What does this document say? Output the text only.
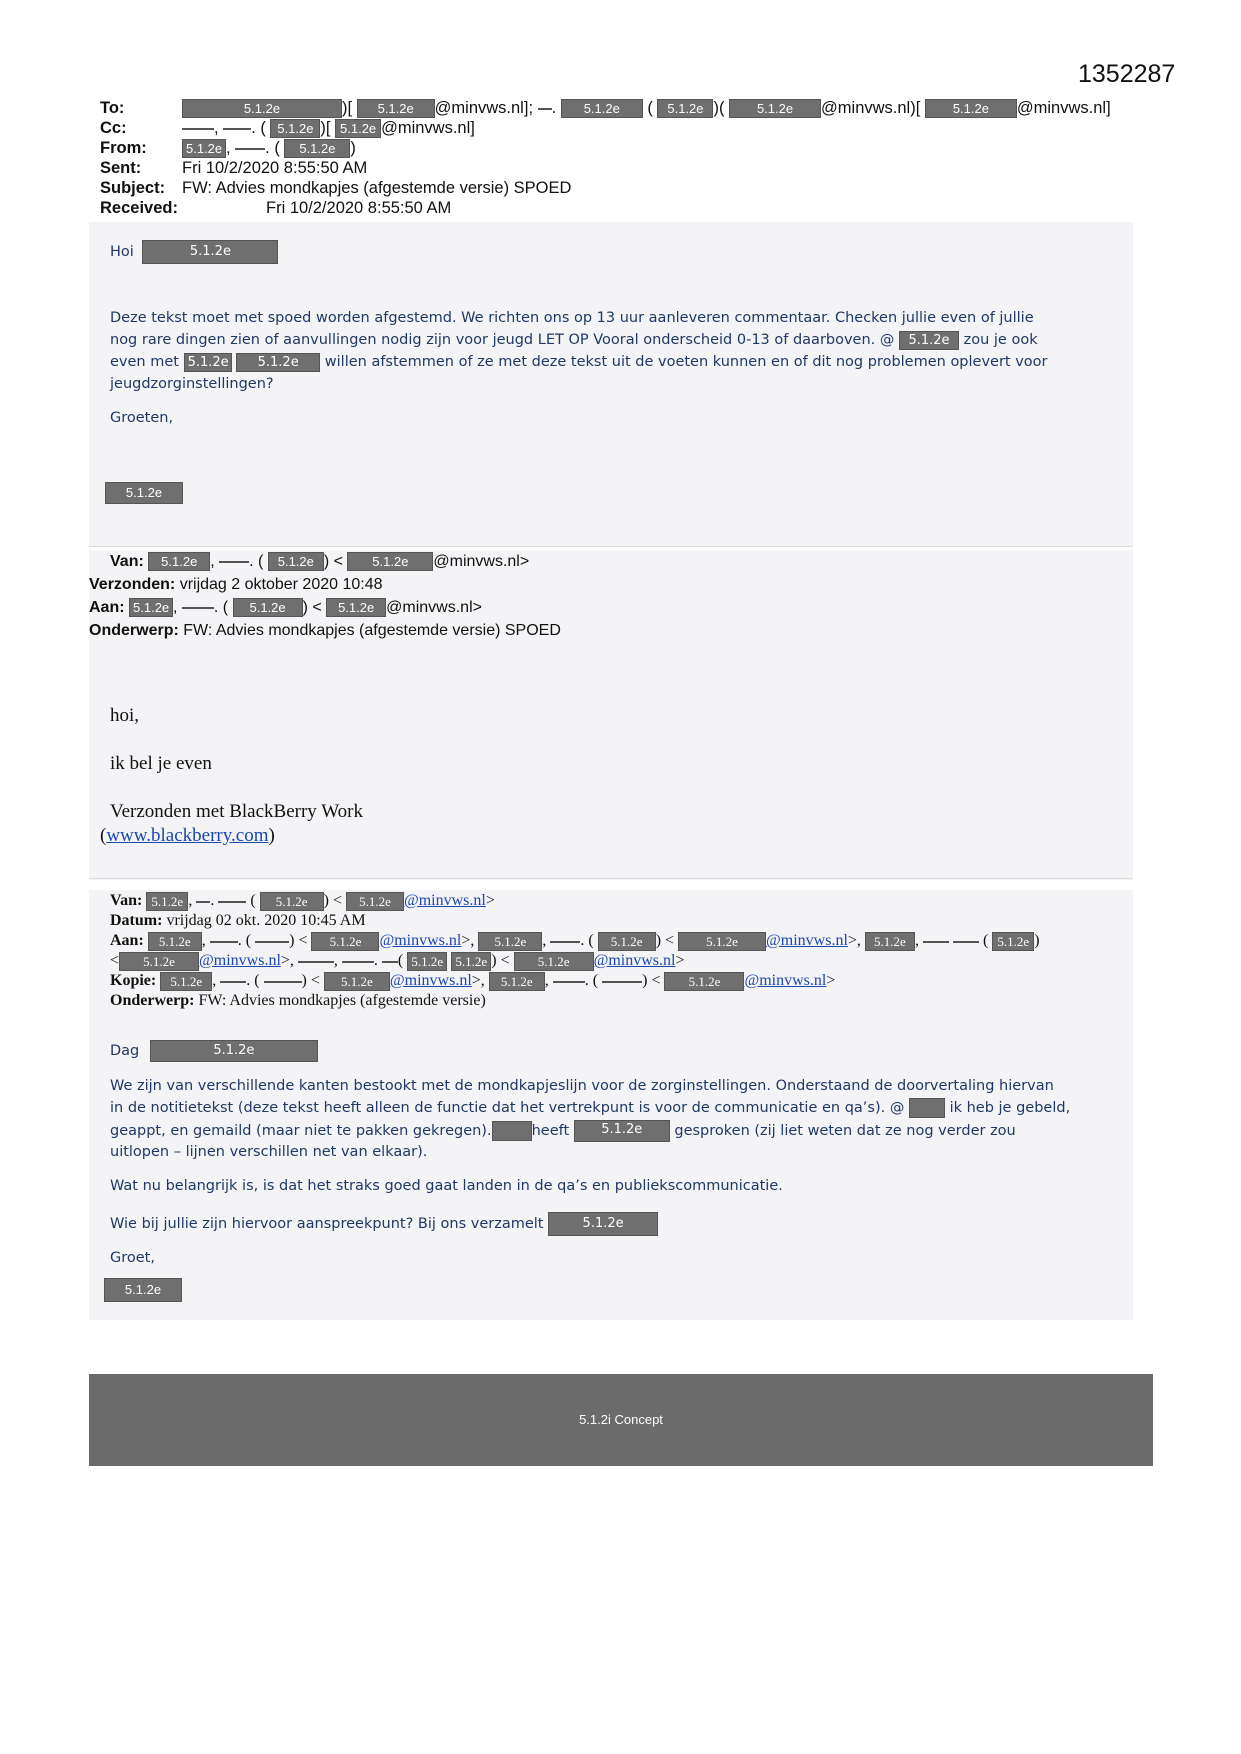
1352287
To:	5.1.2e	)[ 5.1.2e @minvws.nl]; . 5.1.2e ( 5.1.2e )( 5.1.2e @minvws.nl)[ 5.1.2e @minvws.nl]
Cc:	, . ( 5.1.2e )[ 5.1.2e @minvws.nl]
From:	5.1.2e , . ( 5.1.2e )
Sent: Fri 10/2/2020 8:55:50 AM
Subject: FW: Advies mondkapjes (afgestemde versie) SPOED
Received:	Fri 10/2/2020 8:55:50 AM
Hoi	5.1.2e
Deze tekst moet met spoed worden afgestemd. We richten ons op 13 uur aanleveren commentaar. Checken jullie even of jullie
nog rare dingen zien of aanvullingen nodig zijn voor jeugd LET OP Vooral onderscheid 0-13 of daarboven. @ 5.1.2e zou je ook
even met 5.1.2e 5.1.2e willen afstemmen of ze met deze tekst uit de voeten kunnen en of dit nog problemen oplevert voor
jeugdzorginstellingen?
Groeten,
5.1.2e
Van: 5.1.2e , . ( 5.1.2e ) < 5.1.2e @minvws.nl>
Verzonden: vrijdag 2 oktober 2020 10:48
Aan: 5.1.2e , . ( 5.1.2e ) < 5.1.2e @minvws.nl>
Onderwerp: FW: Advies mondkapjes (afgestemde versie) SPOED
hoi,
ik bel je even
Verzonden met BlackBerry Work
(www.blackberry.com)
Van: 5.1.2e , .  ( 5.1.2e ) < 5.1.2e @minvws.nl>
Datum: vrijdag 02 okt. 2020 10:45 AM
Aan: 5.1.2e , . ( ) < 5.1.2e @minvws.nl>, 5.1.2e , . ( 5.1.2e ) < 5.1.2e @minvws.nl>, 5.1.2e ,	( 5.1.2e )
< 5.1.2e @minvws.nl>, , . ( 5.1.2e 5.1.2e ) < 5.1.2e @minvws.nl>
Kopie: 5.1.2e , . ( ) < 5.1.2e @minvws.nl>, 5.1.2e , . (	) < 5.1.2e @minvws.nl>
Onderwerp: FW: Advies mondkapjes (afgestemde versie)
Dag	5.1.2e
We zijn van verschillende kanten bestookt met de mondkapjeslijn voor de zorginstellingen. Onderstaand de doorvertaling hiervan
in de notitietekst (deze tekst heeft alleen de functie dat het vertrekpunt is voor de communicatie en qa’s). @	ik heb je gebeld,
geappt, en gemaild (maar niet te pakken gekregen).	heeft 5.1.2e gesproken (zij liet weten dat ze nog verder zou
uitlopen – lijnen verschillen net van elkaar).
Wat nu belangrijk is, is dat het straks goed gaat landen in de qa’s en publiekscommunicatie.
Wie bij jullie zijn hiervoor aanspreekpunt? Bij ons verzamelt	5.1.2e
Groet,
5.1.2e
5.1.2i Concept
